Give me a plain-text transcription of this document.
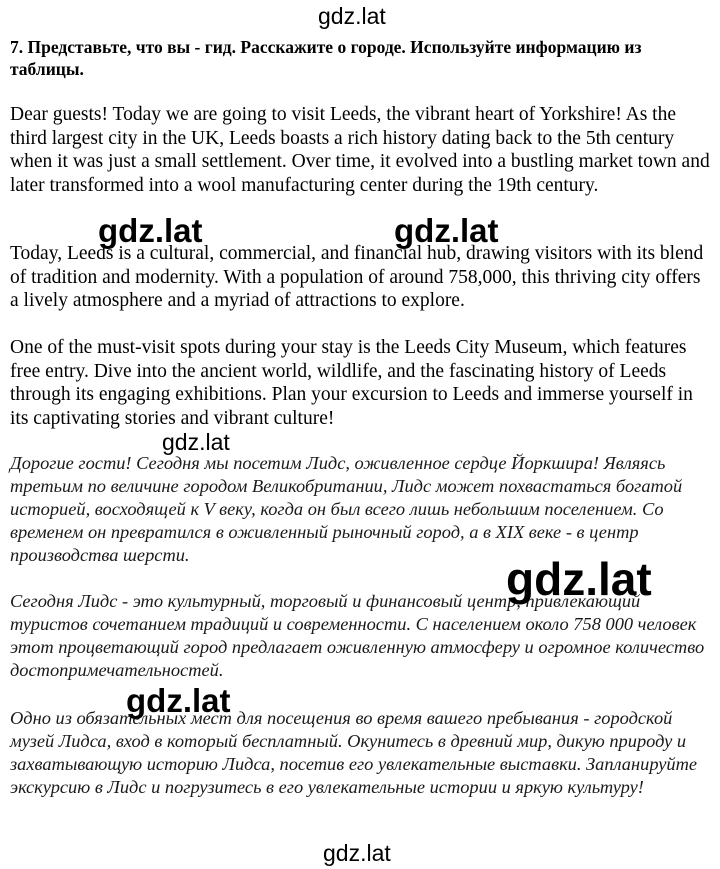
7. Представьте, что вы - гид. Расскажите о городе. Используйте информацию из таблицы.

Dear guests! Today we are going to visit Leeds, the vibrant heart of Yorkshire! As the third largest city in the UK, Leeds boasts a rich history dating back to the 5th century when it was just a small settlement. Over time, it evolved into a bustling market town and later transformed into a wool manufacturing center during the 19th century.

Today, Leeds is a cultural, commercial, and financial hub, drawing visitors with its blend of tradition and modernity. With a population of around 758,000, this thriving city offers a lively atmosphere and a myriad of attractions to explore.

One of the must-visit spots during your stay is the Leeds City Museum, which features free entry. Dive into the ancient world, wildlife, and the fascinating history of Leeds through its engaging exhibitions. Plan your excursion to Leeds and immerse yourself in its captivating stories and vibrant culture!

Дорогие гости! Сегодня мы посетим Лидс, оживленное сердце Йоркшира! Являясь третьим по величине городом Великобритании, Лидс может похвастаться богатой историей, восходящей к V веку, когда он был всего лишь небольшим поселением. Со временем он превратился в оживленный рыночный город, а в XIX веке - в центр производства шерсти.

Сегодня Лидс - это культурный, торговый и финансовый центр, привлекающий туристов сочетанием традиций и современности. С населением около 758 000 человек этот процветающий город предлагает оживленную атмосферу и огромное количество достопримечательностей.

Одно из обязательных мест для посещения во время вашего пребывания - городской музей Лидса, вход в который бесплатный. Окунитесь в древний мир, дикую природу и захватывающую историю Лидса, посетив его увлекательные выставки. Запланируйте экскурсию в Лидс и погрузитесь в его увлекательные истории и яркую культуру!

gdz.lat
gdz.lat	gdz.lat
gdz.lat
gdz.lat
gdz.lat
gdz.lat
